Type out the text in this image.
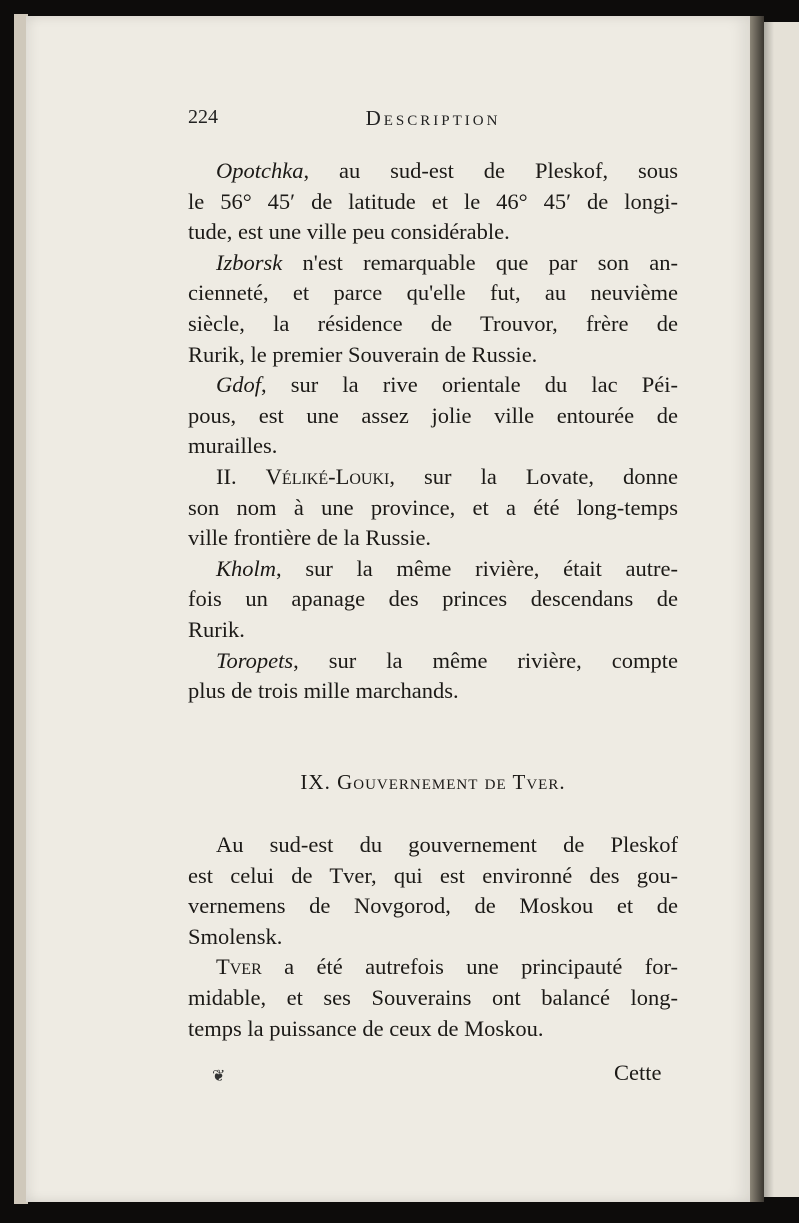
224	Description
Opotchka, au sud-est de Pleskof, sous
le 56° 45′ de latitude et le 46° 45′ de longi-
tude, est une ville peu considérable.
Izborsk n'est remarquable que par son an-
cienneté, et parce qu'elle fut, au neuvième
siècle, la résidence de Trouvor, frère de
Rurik, le premier Souverain de Russie.
Gdof, sur la rive orientale du lac Péi-
pous, est une assez jolie ville entourée de
murailles.
II. Véliké-Louki, sur la Lovate, donne
son nom à une province, et a été long-temps
ville frontière de la Russie.
Kholm, sur la même rivière, était autre-
fois un apanage des princes descendans de
Rurik.
Toropets, sur la même rivière, compte
plus de trois mille marchands.
IX. Gouvernement de Tver.
Au sud-est du gouvernement de Pleskof
est celui de Tver, qui est environné des gou-
vernemens de Novgorod, de Moskou et de
Smolensk.
Tver a été autrefois une principauté for-
midable, et ses Souverains ont balancé long-
temps la puissance de ceux de Moskou.
❦	Cette
